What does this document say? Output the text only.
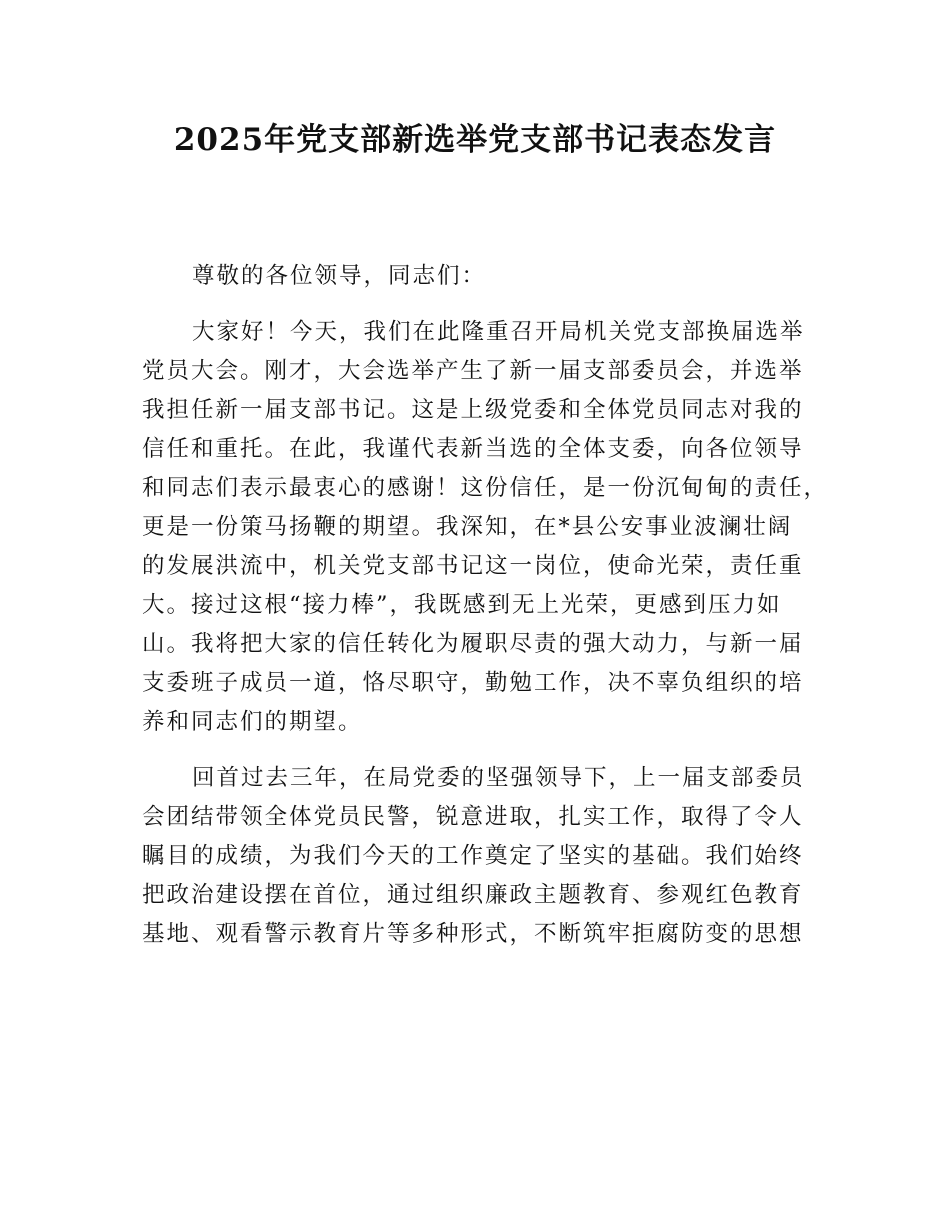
2025年党支部新选举党支部书记表态发言
尊敬的各位领导，同志们：
大家好！今天，我们在此隆重召开局机关党支部换届选举
党员大会。刚才，大会选举产生了新一届支部委员会，并选举
我担任新一届支部书记。这是上级党委和全体党员同志对我的
信任和重托。在此，我谨代表新当选的全体支委，向各位领导
和同志们表示最衷心的感谢！这份信任，是一份沉甸甸的责任，
更是一份策马扬鞭的期望。我深知，在*县公安事业波澜壮阔
的发展洪流中，机关党支部书记这一岗位，使命光荣，责任重
大。接过这根“接力棒”，我既感到无上光荣，更感到压力如
山。我将把大家的信任转化为履职尽责的强大动力，与新一届
支委班子成员一道，恪尽职守，勤勉工作，决不辜负组织的培
养和同志们的期望。
回首过去三年，在局党委的坚强领导下，上一届支部委员
会团结带领全体党员民警，锐意进取，扎实工作，取得了令人
瞩目的成绩，为我们今天的工作奠定了坚实的基础。我们始终
把政治建设摆在首位，通过组织廉政主题教育、参观红色教育
基地、观看警示教育片等多种形式，不断筑牢拒腐防变的思想
